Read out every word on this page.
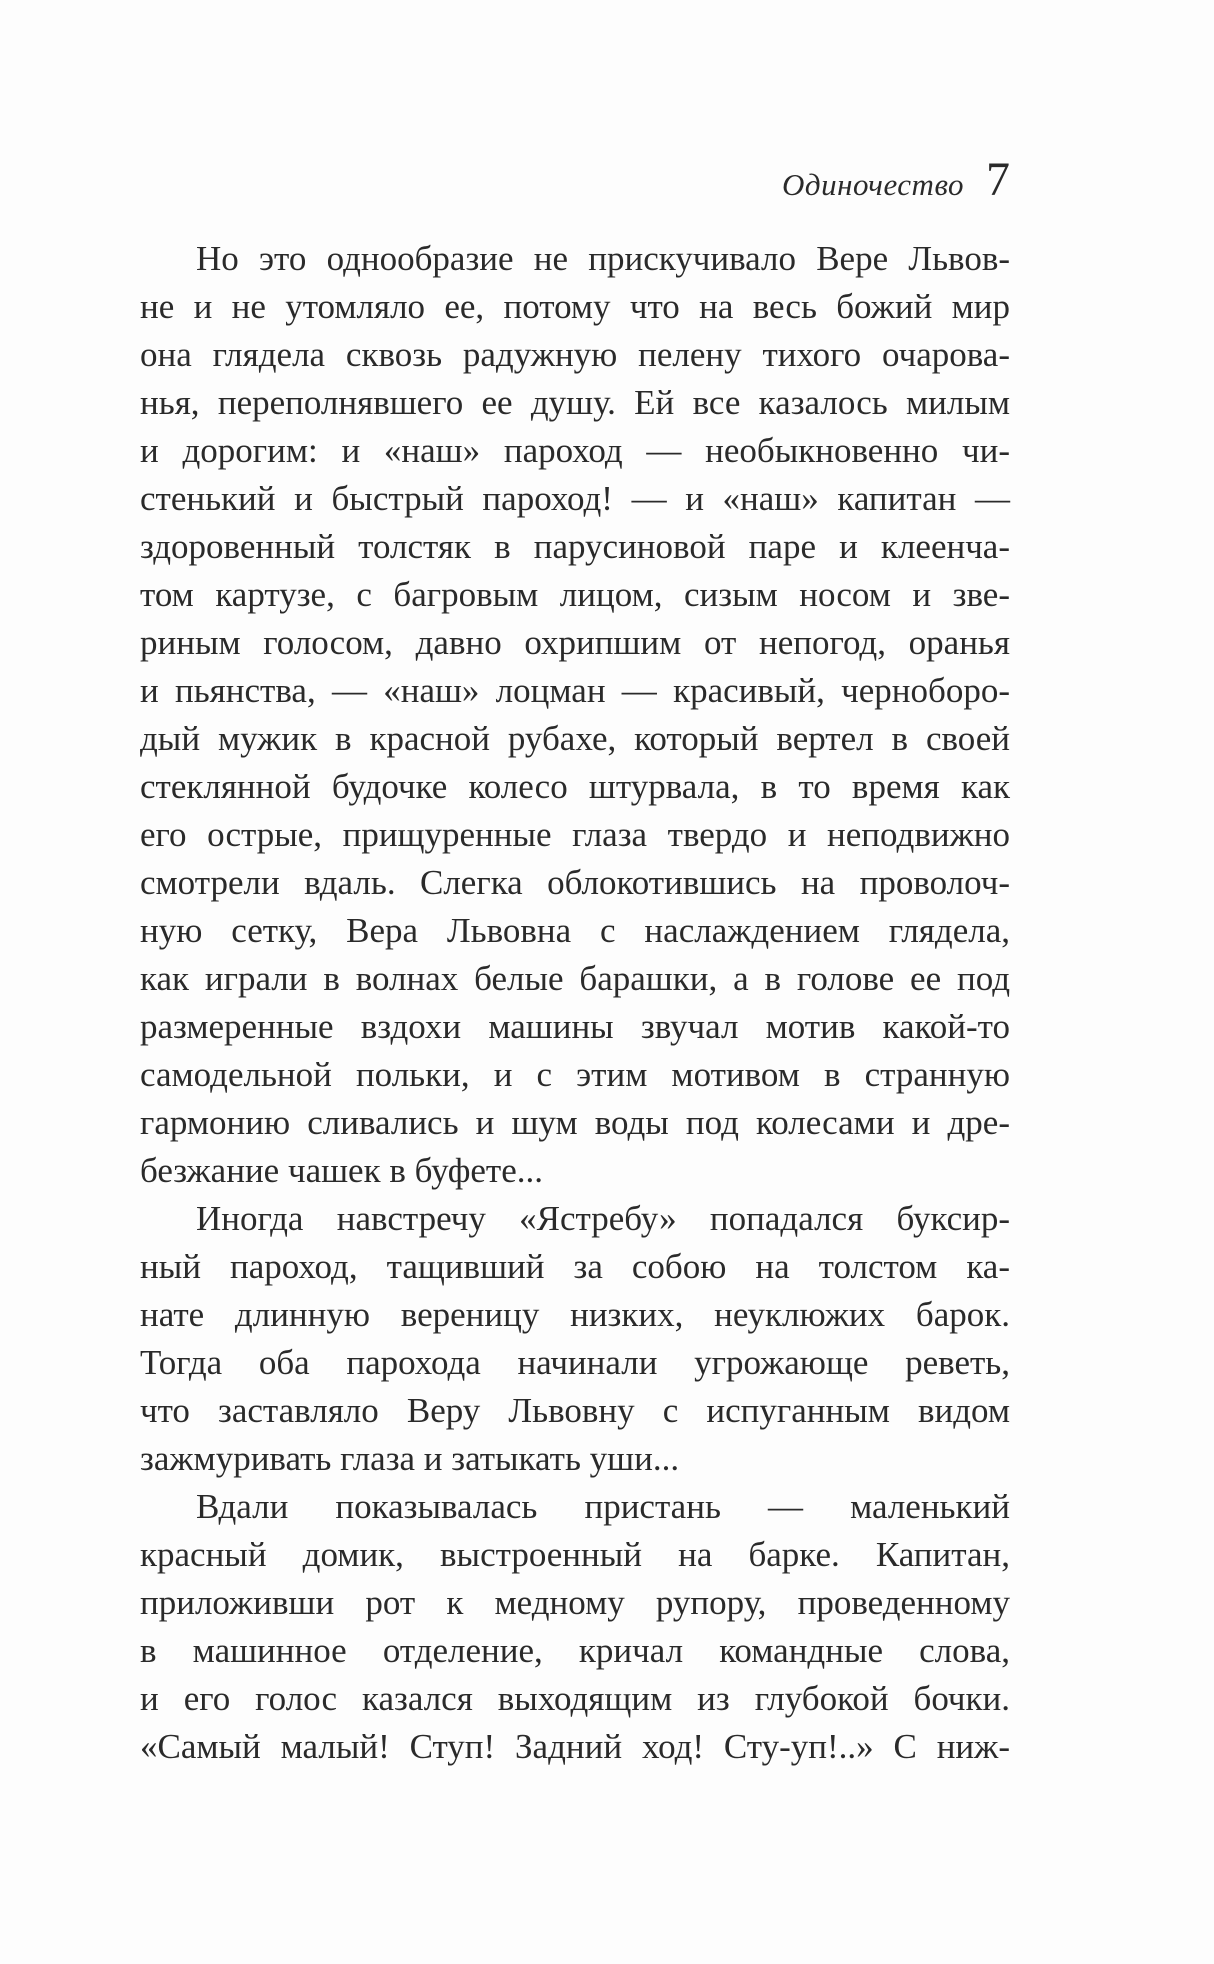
Одиночество 7
Но это однообразие не прискучивало Вере Львов-
не и не утомляло ее, потому что на весь божий мир
она глядела сквозь радужную пелену тихого очарова-
нья, переполнявшего ее душу. Ей все казалось милым
и дорогим: и «наш» пароход — необыкновенно чи-
стенький и быстрый пароход! — и «наш» капитан —
здоровенный толстяк в парусиновой паре и клеенча-
том картузе, с багровым лицом, сизым носом и зве-
риным голосом, давно охрипшим от непогод, оранья
и пьянства, — «наш» лоцман — красивый, черноборо-
дый мужик в красной рубахе, который вертел в своей
стеклянной будочке колесо штурвала, в то время как
его острые, прищуренные глаза твердо и неподвижно
смотрели вдаль. Слегка облокотившись на проволоч-
ную сетку, Вера Львовна с наслаждением глядела,
как играли в волнах белые барашки, а в голове ее под
размеренные вздохи машины звучал мотив какой-то
самодельной польки, и с этим мотивом в странную
гармонию сливались и шум воды под колесами и дре-
безжание чашек в буфете...
Иногда навстречу «Ястребу» попадался буксир-
ный пароход, тащивший за собою на толстом ка-
нате длинную вереницу низких, неуклюжих барок.
Тогда оба парохода начинали угрожающе реветь,
что заставляло Веру Львовну с испуганным видом
зажмуривать глаза и затыкать уши...
Вдали показывалась пристань — маленький
красный домик, выстроенный на барке. Капитан,
приложивши рот к медному рупору, проведенному
в машинное отделение, кричал командные слова,
и его голос казался выходящим из глубокой бочки.
«Самый малый! Ступ! Задний ход! Сту-уп!..» С ниж-
